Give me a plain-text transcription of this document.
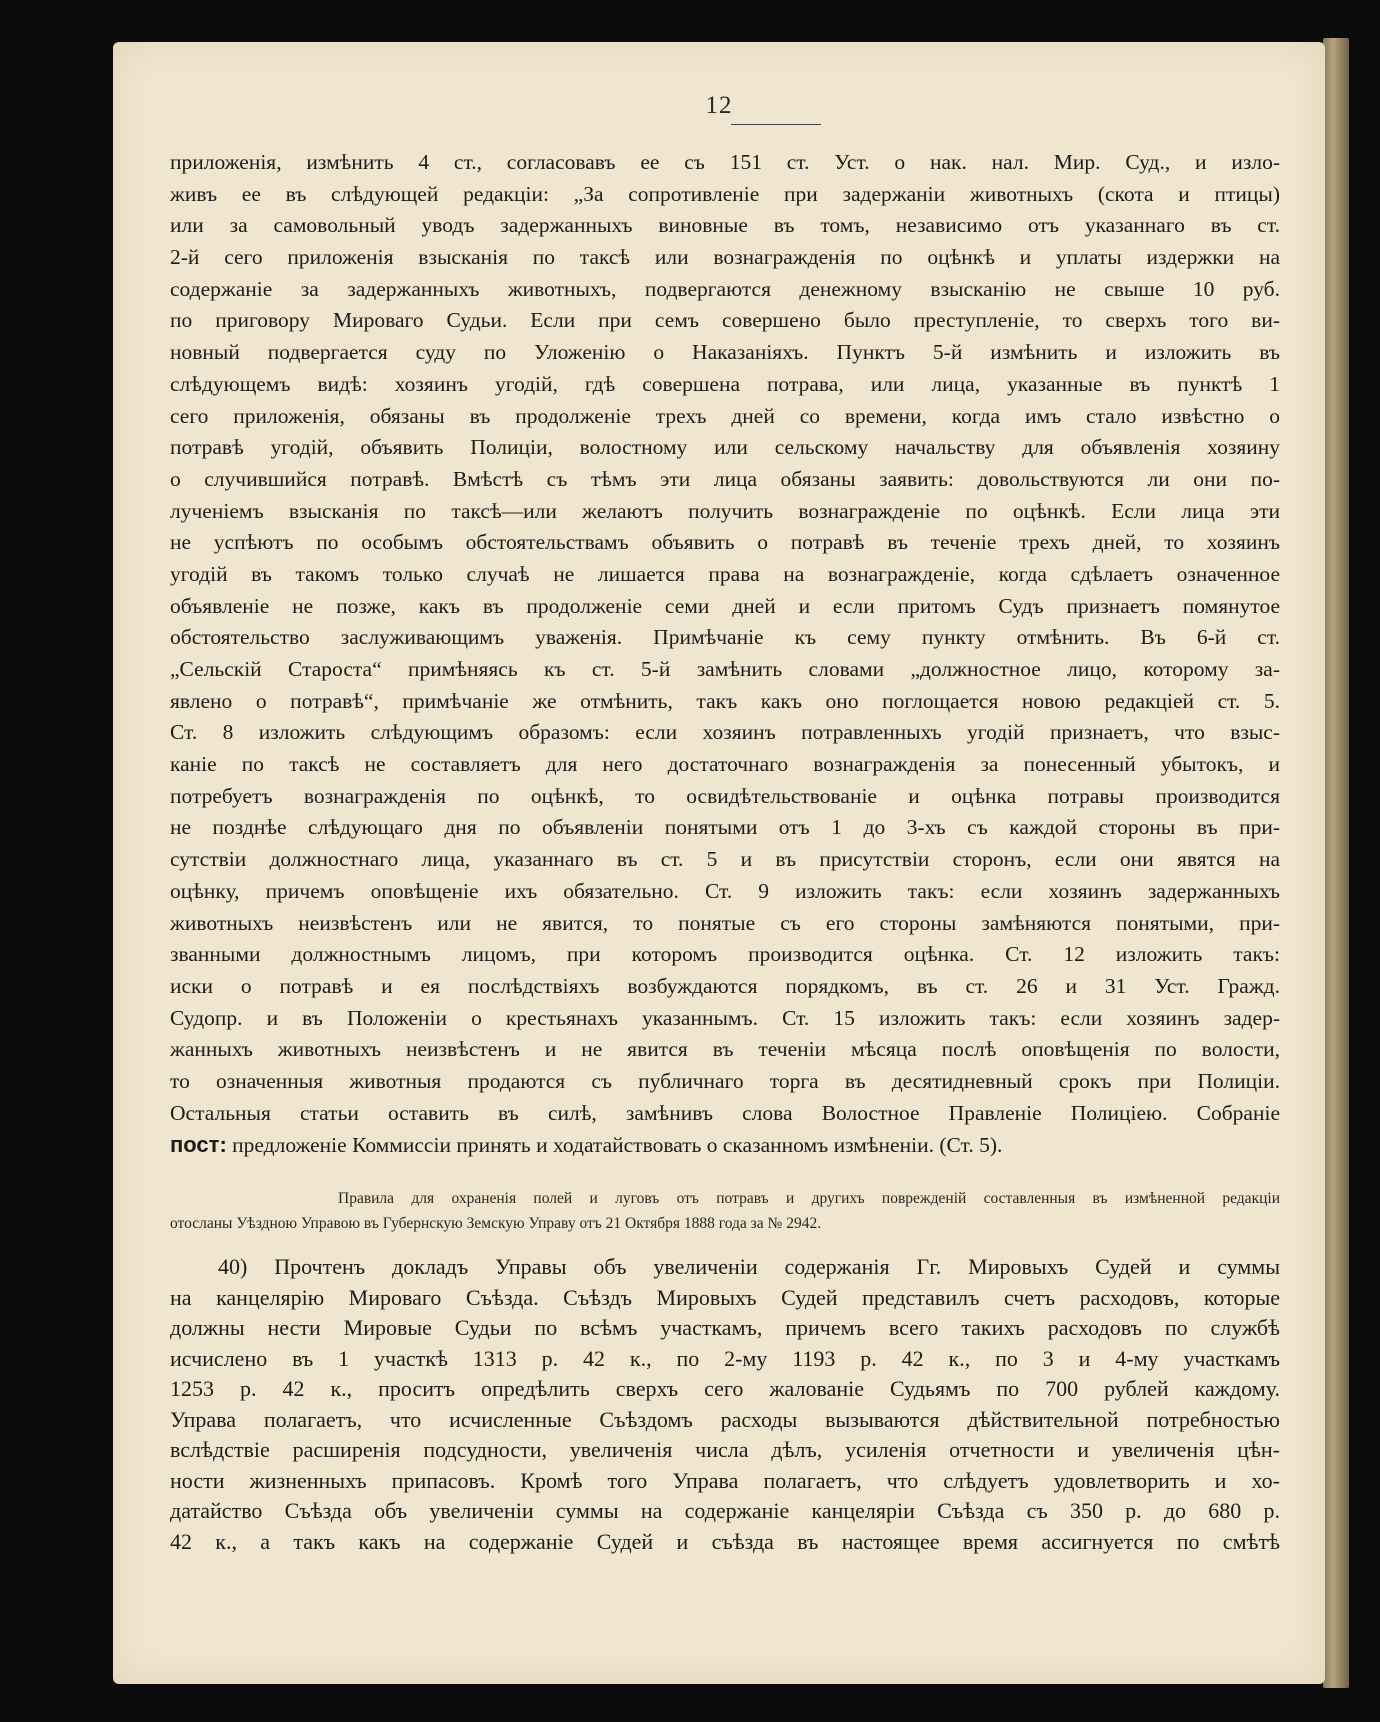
12
приложенія, измѣнить 4 ст., согласовавъ ее съ 151 ст. Уст. о нак. нал. Мир. Суд., и изло-
живъ ее въ слѣдующей редакціи: „За сопротивленіе при задержаніи животныхъ (скота и птицы)
или за самовольный уводъ задержанныхъ виновные въ томъ, независимо отъ указаннаго въ ст.
2-й сего приложенія взысканія по таксѣ или вознагражденія по оцѣнкѣ и уплаты издержки на
содержаніе за задержанныхъ животныхъ, подвергаются денежному взысканію не свыше 10 руб.
по приговору Мироваго Судьи. Если при семъ совершено было преступленіе, то сверхъ того ви-
новный подвергается суду по Уложенію о Наказаніяхъ. Пунктъ 5-й измѣнить и изложить въ
слѣдующемъ видѣ: хозяинъ угодій, гдѣ совершена потрава, или лица, указанные въ пунктѣ 1
сего приложенія, обязаны въ продолженіе трехъ дней со времени, когда имъ стало извѣстно о
потравѣ угодій, объявить Полиціи, волостному или сельскому начальству для объявленія хозяину
о случившийся потравѣ. Вмѣстѣ съ тѣмъ эти лица обязаны заявить: довольствуются ли они по-
лученіемъ взысканія по таксѣ—или желаютъ получить вознагражденіе по оцѣнкѣ. Если лица эти
не успѣютъ по особымъ обстоятельствамъ объявить о потравѣ въ теченіе трехъ дней, то хозяинъ
угодій въ такомъ только случаѣ не лишается права на вознагражденіе, когда сдѣлаетъ означенное
объявленіе не позже, какъ въ продолженіе семи дней и если притомъ Судъ признаетъ помянутое
обстоятельство заслуживающимъ уваженія. Примѣчаніе къ сему пункту отмѣнить. Въ 6-й ст.
„Сельскій Староста“ примѣняясь къ ст. 5-й замѣнить словами „должностное лицо, которому за-
явлено о потравѣ“, примѣчаніе же отмѣнить, такъ какъ оно поглощается новою редакціей ст. 5.
Ст. 8 изложить слѣдующимъ образомъ: если хозяинъ потравленныхъ угодій признаетъ, что взыс-
каніе по таксѣ не составляетъ для него достаточнаго вознагражденія за понесенный убытокъ, и
потребуетъ вознагражденія по оцѣнкѣ, то освидѣтельствованіе и оцѣнка потравы производится
не позднѣе слѣдующаго дня по объявленіи понятыми отъ 1 до 3-хъ съ каждой стороны въ при-
сутствіи должностнаго лица, указаннаго въ ст. 5 и въ присутствіи сторонъ, если они явятся на
оцѣнку, причемъ оповѣщеніе ихъ обязательно. Ст. 9 изложить такъ: если хозяинъ задержанныхъ
животныхъ неизвѣстенъ или не явится, то понятые съ его стороны замѣняются понятыми, при-
званными должностнымъ лицомъ, при которомъ производится оцѣнка. Ст. 12 изложить такъ:
иски о потравѣ и ея послѣдствіяхъ возбуждаются порядкомъ, въ ст. 26 и 31 Уст. Гражд.
Судопр. и въ Положеніи о крестьянахъ указаннымъ. Ст. 15 изложить такъ: если хозяинъ задер-
жанныхъ животныхъ неизвѣстенъ и не явится въ теченіи мѣсяца послѣ оповѣщенія по волости,
то означенныя животныя продаются съ публичнаго торга въ десятидневный срокъ при Полиціи.
Остальныя статьи оставить въ силѣ, замѣнивъ слова Волостное Правленіе Полиціею. Собраніе
пост: предложеніе Коммиссіи принять и ходатайствовать о сказанномъ измѣненіи. (Ст. 5).
Правила для охраненія полей и луговъ отъ потравъ и другихъ поврежденій составленныя въ измѣненной редакціи
отосланы Уѣздною Управою въ Губернскую Земскую Управу отъ 21 Октября 1888 года за № 2942.
40) Прочтенъ докладъ Управы объ увеличеніи содержанія Гг. Мировыхъ Судей и суммы
на канцелярію Мироваго Съѣзда. Съѣздъ Мировыхъ Судей представилъ счетъ расходовъ, которые
должны нести Мировые Судьи по всѣмъ участкамъ, причемъ всего такихъ расходовъ по службѣ
исчислено въ 1 участкѣ 1313 р. 42 к., по 2-му 1193 р. 42 к., по 3 и 4-му участкамъ
1253 р. 42 к., проситъ опредѣлить сверхъ сего жалованіе Судьямъ по 700 рублей каждому.
Управа полагаетъ, что исчисленные Съѣздомъ расходы вызываются дѣйствительной потребностью
вслѣдствіе расширенія подсудности, увеличенія числа дѣлъ, усиленія отчетности и увеличенія цѣн-
ности жизненныхъ припасовъ. Кромѣ того Управа полагаетъ, что слѣдуетъ удовлетворить и хо-
датайство Съѣзда объ увеличеніи суммы на содержаніе канцеляріи Съѣзда съ 350 р. до 680 р.
42 к., а такъ какъ на содержаніе Судей и съѣзда въ настоящее время ассигнуется по смѣтѣ
